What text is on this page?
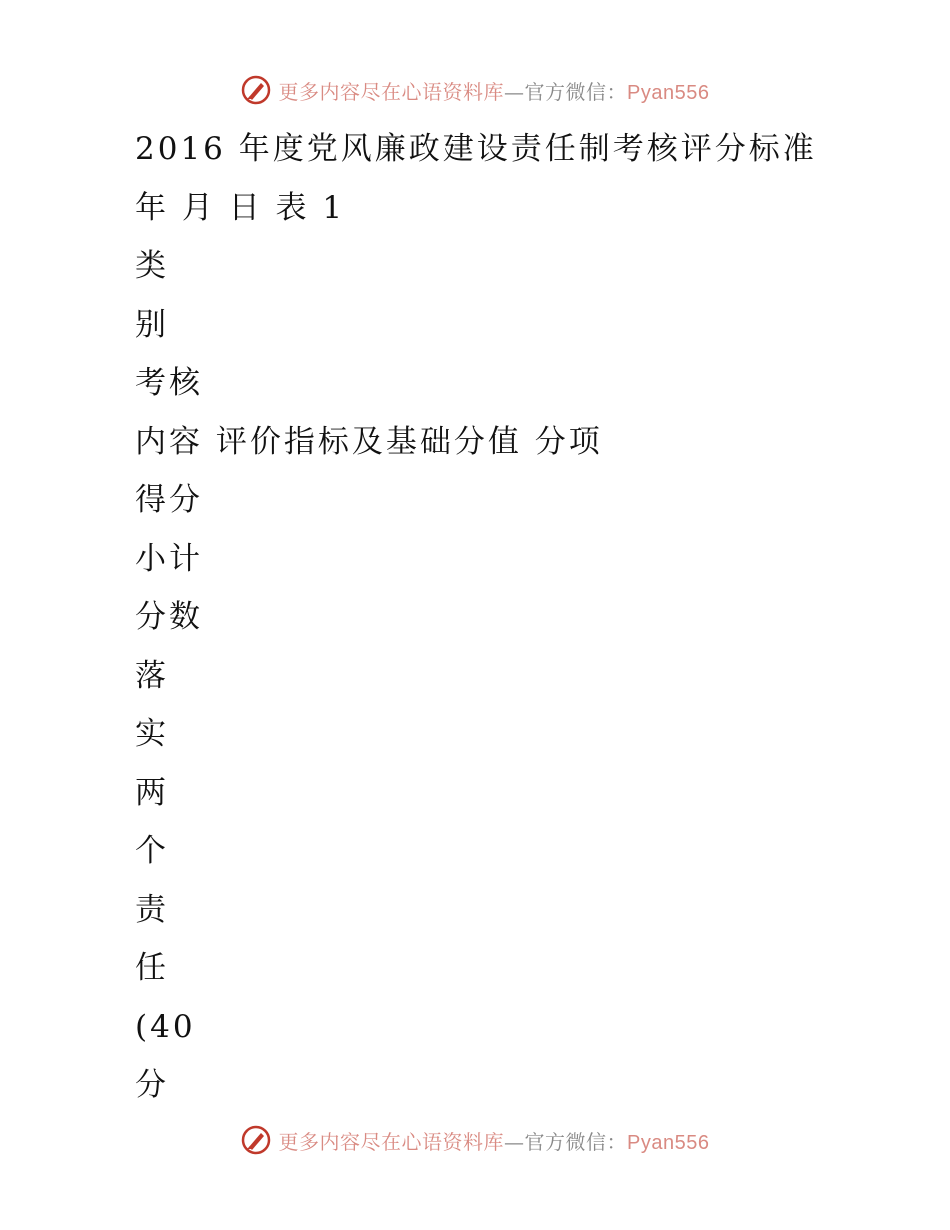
更多内容尽在心语资料库—官方微信：Pyan556
2016 年度党风廉政建设责任制考核评分标准
年 月 日 表 1
类
别
考核
内容 评价指标及基础分值 分项
得分
小计
分数
落
实
两
个
责
任
(40
分
更多内容尽在心语资料库—官方微信：Pyan556
